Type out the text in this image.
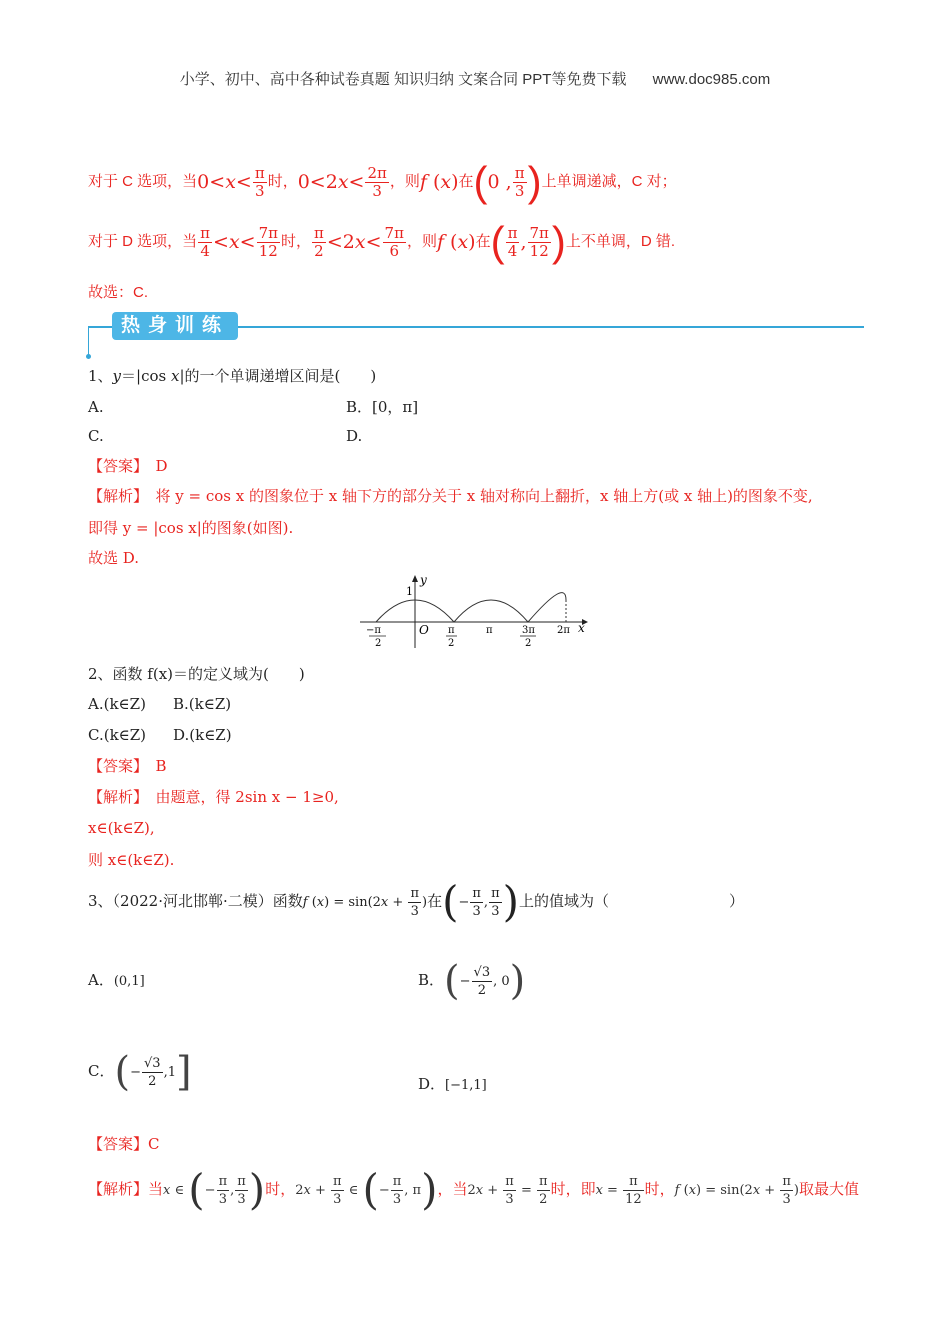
小学、初中、高中各种试卷真题 知识归纳 文案合同 PPT等免费下载 www.doc985.com
对于 C 选项，当$0<x< \frac{\pi}{3}$ 时，$0<2x< \frac{2\pi}{3}$ ，则f (x)在(0 , $\frac{\pi}{3}$ )上单调递减，C 对；
对于 D 选项，当 $\frac{\pi}{4} <x< \frac{7\pi}{12}$ 时， $\frac{\pi}{2} <2x< \frac{7\pi}{6}$ ，则f (x)在( $\frac{\pi}{4}$ , $\frac{7\pi}{12}$ )上不单调，D 错.
故选：C.
热身训练
1、y＝|cos x|的一个单调递增区间是(　　)
A.	B．[0，π]
C.	D.
【答案】　 D
【解析】　 将 y = cos x 的图象位于 x 轴下方的部分关于 x 轴对称向上翻折，x 轴上方(或 x 轴上)的图象不变,
即得 y = |cos x|的图象(如图).
故选 D.
y
1
x
O
−π
2
π
2
π	3π
2
2π
2、函数 f(x)＝的定义域为(　　)
A.(k∈Z) B.(k∈Z)
C.(k∈Z) D.(k∈Z)
【答案】　 B
【解析】　 由题意，得 2sin x − 1≥0,
x∈(k∈Z),
则 x∈(k∈Z).
3、（2022·河北邯郸·二模）函数f $(x) = \sin(2x + \frac{\pi}{3}$ )在(− $\frac{\pi}{3}$ , $\frac{\pi}{3}$ )上的值域为（　　　　　　　　）
A．(0,1]	B．(− $\frac{√3}{2}$ , 0)
C．(− $\frac{√3}{2} ,1$]	D．[−1,1]
【答案】C
【解析】当x ∈ (− $\frac{\pi}{3}$ , $\frac{\pi}{3}$ )时，$2x + \frac{\pi}{3}$ ∈ (− $\frac{\pi}{3}$ , π)，当$2x + \frac{\pi}{3} = \frac{\pi}{2}$ 时，即$x = \frac{\pi}{12}$ 时，f $(x) = \sin(2x + \frac{\pi}{3}$ )取最大值
